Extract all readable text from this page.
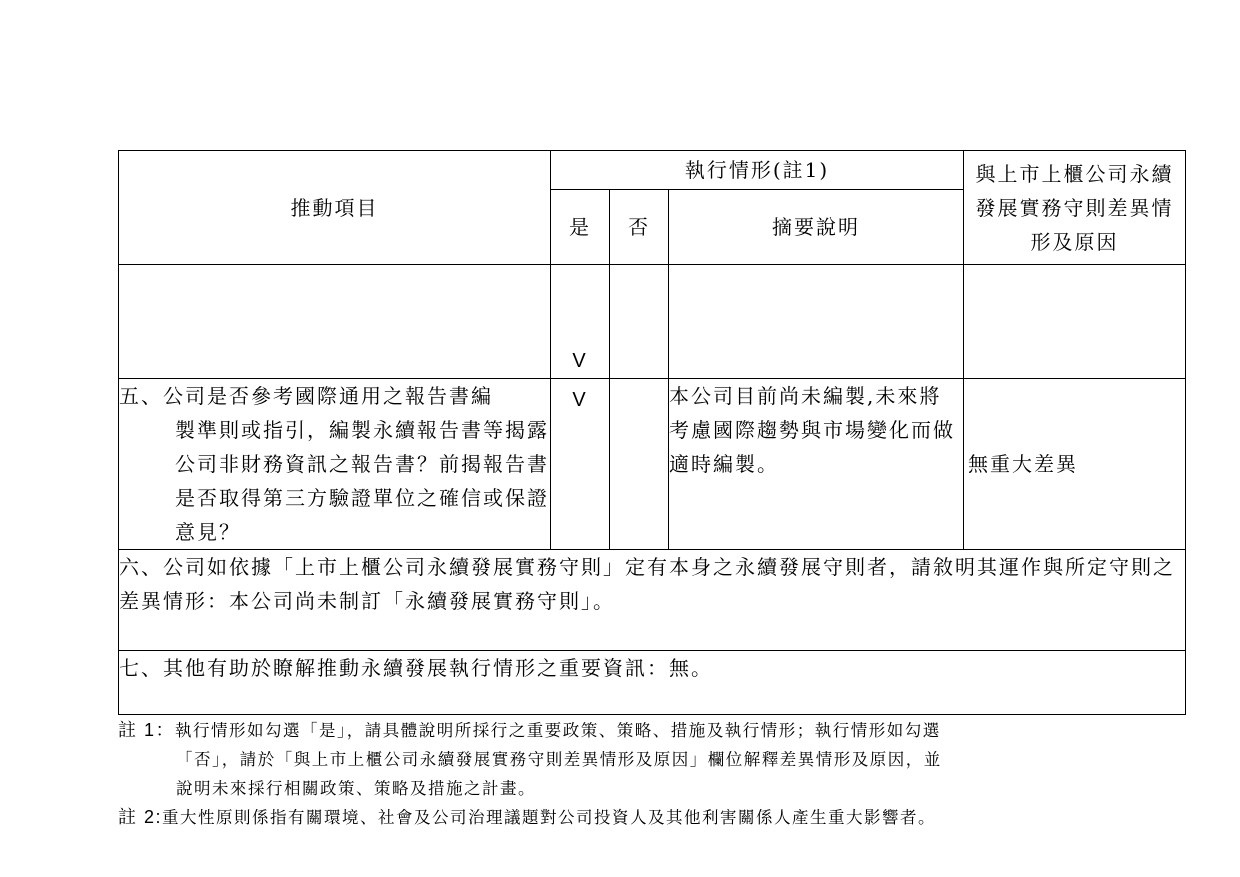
推動項目	執行情形(註1)			與上市上櫃公司永續發展實務守則差異情形及原因
	是	否	摘要說明	
	V			

五、公司是否參考國際通用之報告書編
製準則或指引，編製永續報告書等揭露公司非財務資訊之報告書？前揭報告書是否取得第三方驗證單位之確信或保證意見？	V		本公司目前尚未編製,未來將考慮國際趨勢與市場變化而做適時編製。	無重大差異
六、公司如依據「上市上櫃公司永續發展實務守則」定有本身之永續發展守則者，請敘明其運作與所定守則之差異情形：本公司尚未制訂「永續發展實務守則」。				
七、其他有助於瞭解推動永續發展執行情形之重要資訊：無。				
註 1：執行情形如勾選「是」，請具體說明所採行之重要政策、策略、措施及執行情形；執行情形如勾選
「否」，請於「與上市上櫃公司永續發展實務守則差異情形及原因」欄位解釋差異情形及原因，並
說明未來採行相關政策、策略及措施之計畫。
註 2:重大性原則係指有關環境、社會及公司治理議題對公司投資人及其他利害關係人產生重大影響者。
